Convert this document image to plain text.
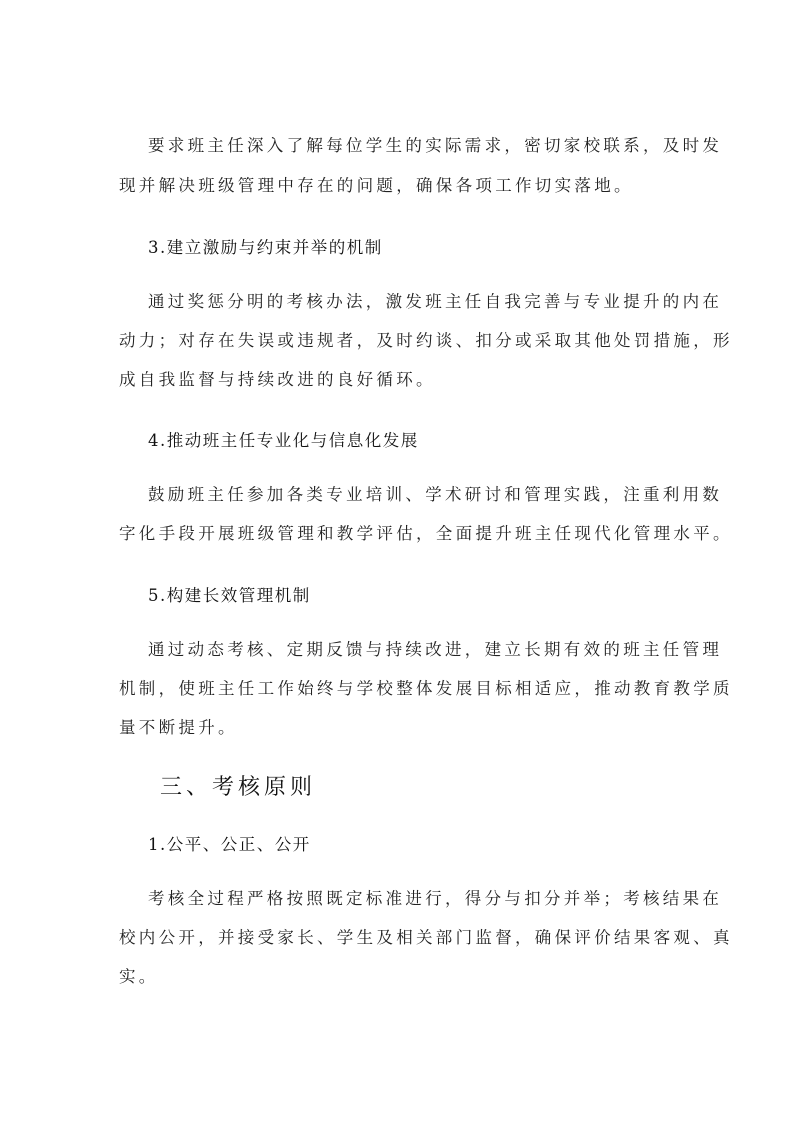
要求班主任深入了解每位学生的实际需求，密切家校联系，及时发
现并解决班级管理中存在的问题，确保各项工作切实落地。
3.建立激励与约束并举的机制
通过奖惩分明的考核办法，激发班主任自我完善与专业提升的内在
动力；对存在失误或违规者，及时约谈、扣分或采取其他处罚措施，形
成自我监督与持续改进的良好循环。
4.推动班主任专业化与信息化发展
鼓励班主任参加各类专业培训、学术研讨和管理实践，注重利用数
字化手段开展班级管理和教学评估，全面提升班主任现代化管理水平。
5.构建长效管理机制
通过动态考核、定期反馈与持续改进，建立长期有效的班主任管理
机制，使班主任工作始终与学校整体发展目标相适应，推动教育教学质
量不断提升。
三、考核原则
1.公平、公正、公开
考核全过程严格按照既定标准进行，得分与扣分并举；考核结果在
校内公开，并接受家长、学生及相关部门监督，确保评价结果客观、真
实。
